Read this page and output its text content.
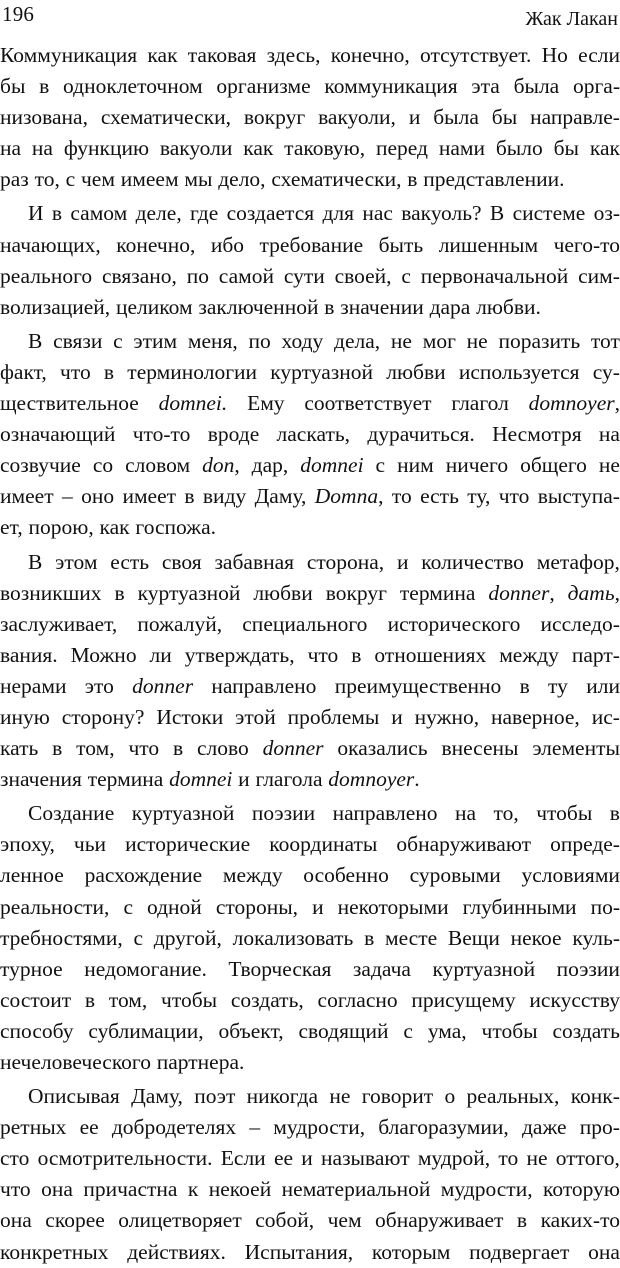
196	Жак Лакан
Коммуникация как таковая здесь, конечно, отсутствует. Но если
бы в одноклеточном организме коммуникация эта была орга-
низована, схематически, вокруг вакуоли, и была бы направле-
на на функцию вакуоли как таковую, перед нами было бы как
раз то, с чем имеем мы дело, схематически, в представлении.
И в самом деле, где создается для нас вакуоль? В системе оз-
начающих, конечно, ибо требование быть лишенным чего-то
реального связано, по самой сути своей, с первоначальной сим-
волизацией, целиком заключенной в значении дара любви.
В связи с этим меня, по ходу дела, не мог не поразить тот
факт, что в терминологии куртуазной любви используется су-
ществительное domnei. Ему соответствует глагол domnoyer,
означающий что-то вроде ласкать, дурачиться. Несмотря на
созвучие со словом don, дар, domnei с ним ничего общего не
имеет – оно имеет в виду Даму, Domna, то есть ту, что выступа-
ет, порою, как госпожа.
В этом есть своя забавная сторона, и количество метафор,
возникших в куртуазной любви вокруг термина donner, дать,
заслуживает, пожалуй, специального исторического исследо-
вания. Можно ли утверждать, что в отношениях между парт-
нерами это donner направлено преимущественно в ту или
иную сторону? Истоки этой проблемы и нужно, наверное, ис-
кать в том, что в слово donner оказались внесены элементы
значения термина domnei и глагола domnoyer.
Создание куртуазной поэзии направлено на то, чтобы в
эпоху, чьи исторические координаты обнаруживают опреде-
ленное расхождение между особенно суровыми условиями
реальности, с одной стороны, и некоторыми глубинными по-
требностями, с другой, локализовать в месте Вещи некое куль-
турное недомогание. Творческая задача куртуазной поэзии
состоит в том, чтобы создать, согласно присущему искусству
способу сублимации, объект, сводящий с ума, чтобы создать
нечеловеческого партнера.
Описывая Даму, поэт никогда не говорит о реальных, конк-
ретных ее добродетелях – мудрости, благоразумии, даже про-
сто осмотрительности. Если ее и называют мудрой, то не оттого,
что она причастна к некоей нематериальной мудрости, которую
она скорее олицетворяет собой, чем обнаруживает в каких-то
конкретных действиях. Испытания, которым подвергает она
